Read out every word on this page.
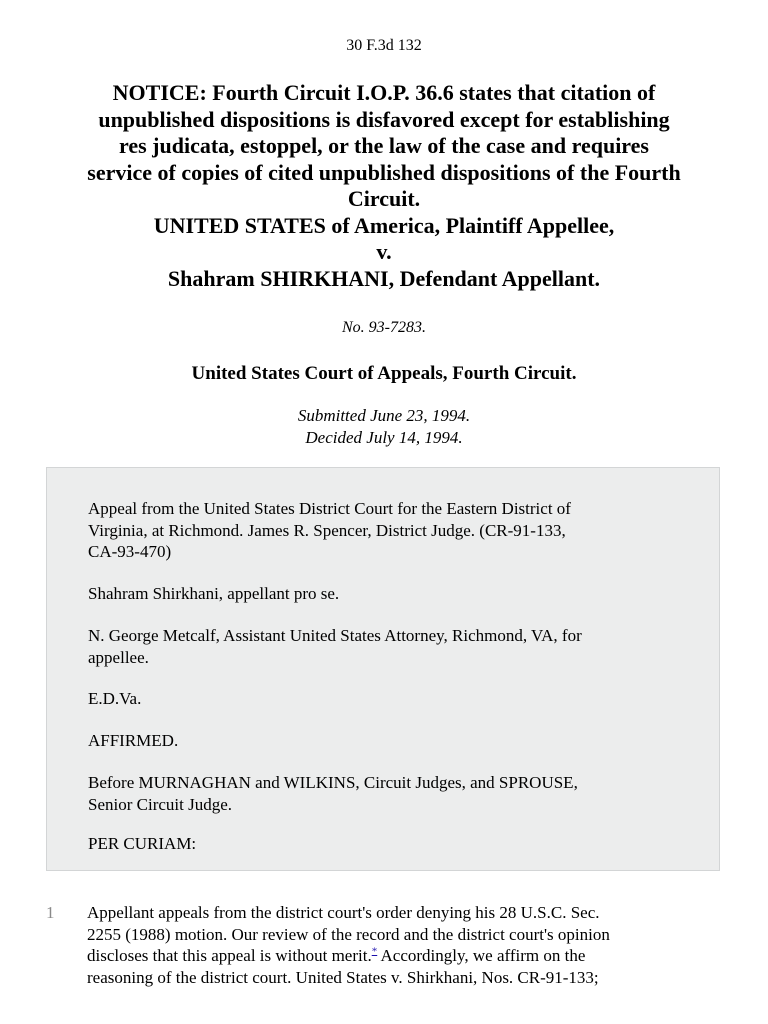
30 F.3d 132
NOTICE: Fourth Circuit I.O.P. 36.6 states that citation of
unpublished dispositions is disfavored except for establishing
res judicata, estoppel, or the law of the case and requires
service of copies of cited unpublished dispositions of the Fourth
Circuit.
UNITED STATES of America, Plaintiff Appellee,
v.
Shahram SHIRKHANI, Defendant Appellant.
No. 93-7283.
United States Court of Appeals, Fourth Circuit.
Submitted June 23, 1994.
Decided July 14, 1994.
Appeal from the United States District Court for the Eastern District of
Virginia, at Richmond. James R. Spencer, District Judge. (CR-91-133,
CA-93-470)
Shahram Shirkhani, appellant pro se.
N. George Metcalf, Assistant United States Attorney, Richmond, VA, for
appellee.
E.D.Va.
AFFIRMED.
Before MURNAGHAN and WILKINS, Circuit Judges, and SPROUSE,
Senior Circuit Judge.
PER CURIAM:
1 Appellant appeals from the district court's order denying his 28 U.S.C. Sec.
2255 (1988) motion. Our review of the record and the district court's opinion
discloses that this appeal is without merit.* Accordingly, we affirm on the
reasoning of the district court. United States v. Shirkhani, Nos. CR-91-133;
